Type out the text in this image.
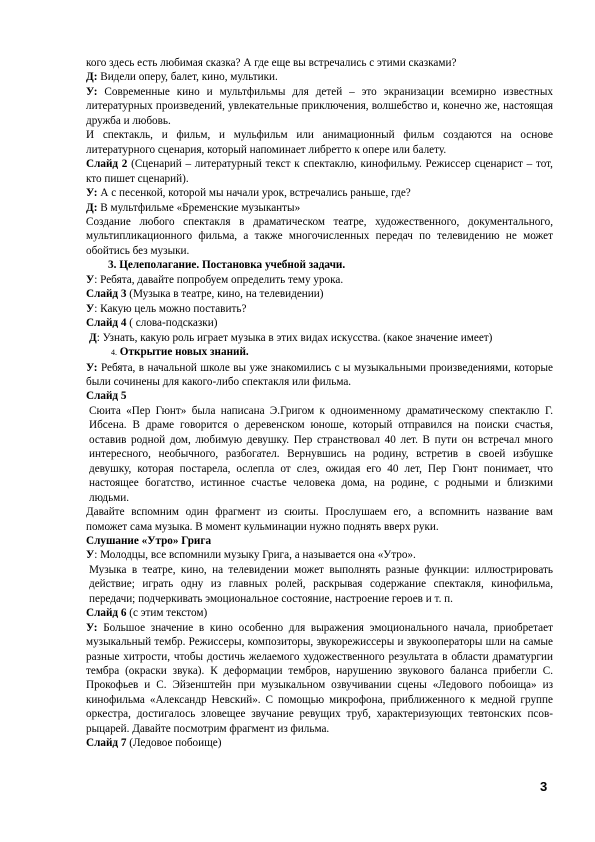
кого здесь есть любимая сказка? А где еще вы встречались с этими сказками?

Д: Видели оперу, балет, кино, мультики.

У: Современные кино и мультфильмы для детей – это экранизации всемирно известных литературных произведений, увлекательные приключения, волшебство и, конечно же, настоящая дружба и любовь.

И спектакль, и фильм, и мульфильм или анимационный фильм создаются на основе литературного сценария, который напоминает либретто к опере или балету.

Слайд 2 (Сценарий – литературный текст к спектаклю, кинофильму. Режиссер сценарист – тот, кто пишет сценарий).

У: А с песенкой, которой мы начали урок, встречались раньше, где?

Д: В мультфильме «Бременские музыканты»

Создание любого спектакля в драматическом театре, художественного, документального, мультипликационного фильма, а также многочисленных передач по телевидению не может обойтись без музыки.

3. Целеполагание. Постановка учебной задачи.

У: Ребята, давайте попробуем определить тему урока.

Слайд 3 (Музыка в театре, кино, на телевидении)

У: Какую цель можно поставить?

Слайд 4 ( слова-подсказки)

Д: Узнать, какую роль играет музыка в этих видах искусства. (какое значение имеет)

4. Открытие новых знаний.

У: Ребята, в начальной школе вы уже знакомились с ы музыкальными произведениями, которые были сочинены для какого-либо спектакля или фильма.

Слайд 5

Сюита «Пер Гюнт» была написана Э.Григом к одноименному драматическому спектаклю Г. Ибсена. В драме говорится о деревенском юноше, который отправился на поиски счастья, оставив родной дом, любимую девушку. Пер странствовал 40 лет. В пути он встречал много интересного, необычного, разбогател. Вернувшись на родину, встретив в своей избушке девушку, которая постарела, ослепла от слез, ожидая его 40 лет, Пер Гюнт понимает, что настоящее богатство, истинное счастье человека дома, на родине, с родными и близкими людьми.

Давайте вспомним один фрагмент из сюиты. Прослушаем его, а вспомнить название вам поможет сама музыка. В момент кульминации нужно поднять вверх руки.

Слушание «Утро» Грига

У: Молодцы, все вспомнили музыку Грига, а называется она «Утро».

Музыка в театре, кино, на телевидении может выполнять разные функции: иллюстрировать действие; играть одну из главных ролей, раскрывая содержание спектакля, кинофильма, передачи; подчеркивать эмоциональное состояние, настроение героев и т. п.

Слайд 6 (с этим текстом)

У: Большое значение в кино особенно для выражения эмоционального начала, приобретает музыкальный тембр. Режиссеры, композиторы, звукорежиссеры и звукооператоры шли на самые разные хитрости, чтобы достичь желаемого художественного результата в области драматургии тембра (окраски звука). К деформации тембров, нарушению звукового баланса прибегли С. Прокофьев и С. Эйзенштейн при музыкальном озвучивании сцены «Ледового побоища» из кинофильма «Александр Невский». С помощью микрофона, приближенного к медной группе оркестра, достигалось зловещее звучание ревущих труб, характеризующих тевтонских псов-рыцарей. Давайте посмотрим фрагмент из фильма.

Слайд 7 (Ледовое побоище)

3
